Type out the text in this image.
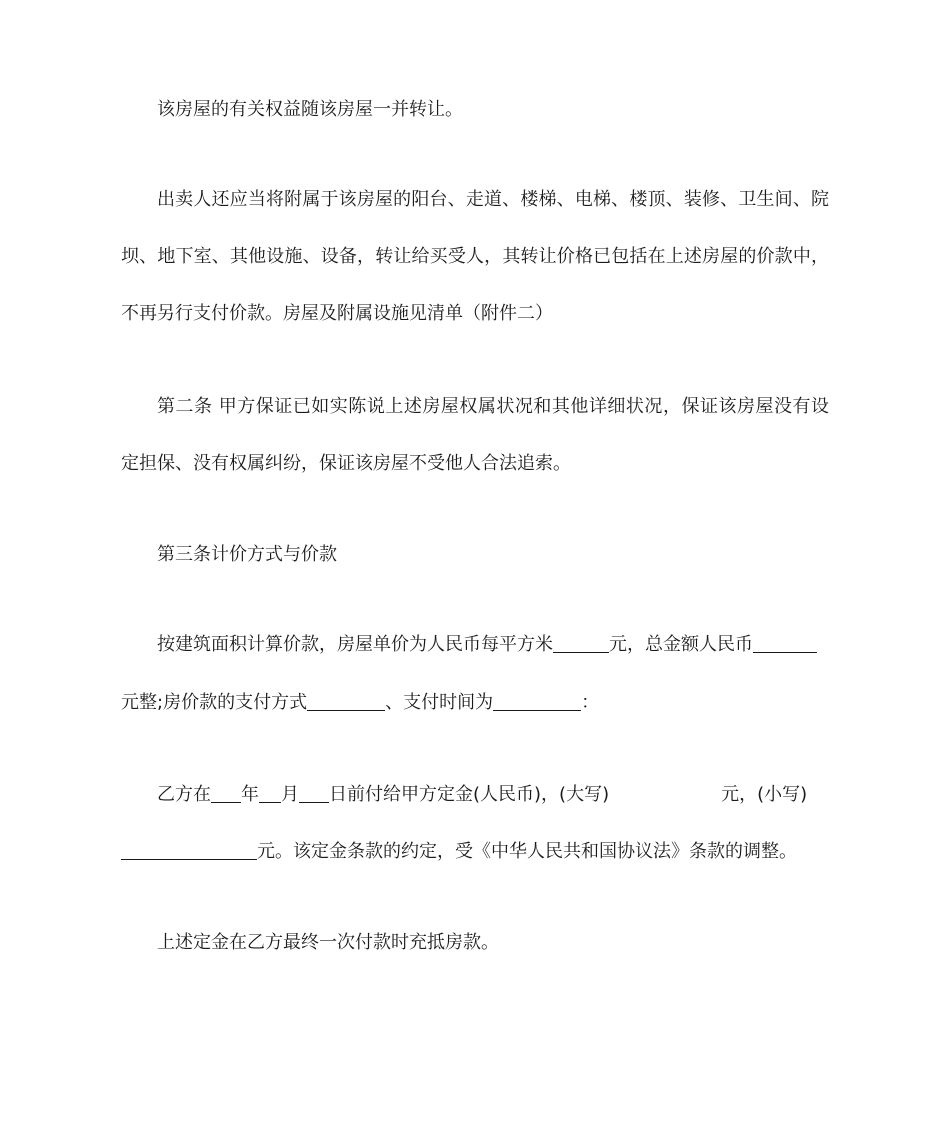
该房屋的有关权益随该房屋一并转让。
出卖人还应当将附属于该房屋的阳台、走道、楼梯、电梯、楼顶、装修、卫生间、院
坝、地下室、其他设施、设备，转让给买受人，其转让价格已包括在上述房屋的价款中，
不再另行支付价款。房屋及附属设施见清单（附件二）
第二条 甲方保证已如实陈说上述房屋权属状况和其他详细状况，保证该房屋没有设
定担保、没有权属纠纷，保证该房屋不受他人合法追索。
第三条计价方式与价款
按建筑面积计算价款，房屋单价为人民币每平方米	元，总金额人民币
元整;房价款的支付方式	、支付时间为	：
乙方在 年 月 日前付给甲方定金(人民币)，(大写)	元，(小写)
元。该定金条款的约定，受《中华人民共和国协议法》条款的调整。
上述定金在乙方最终一次付款时充抵房款。
